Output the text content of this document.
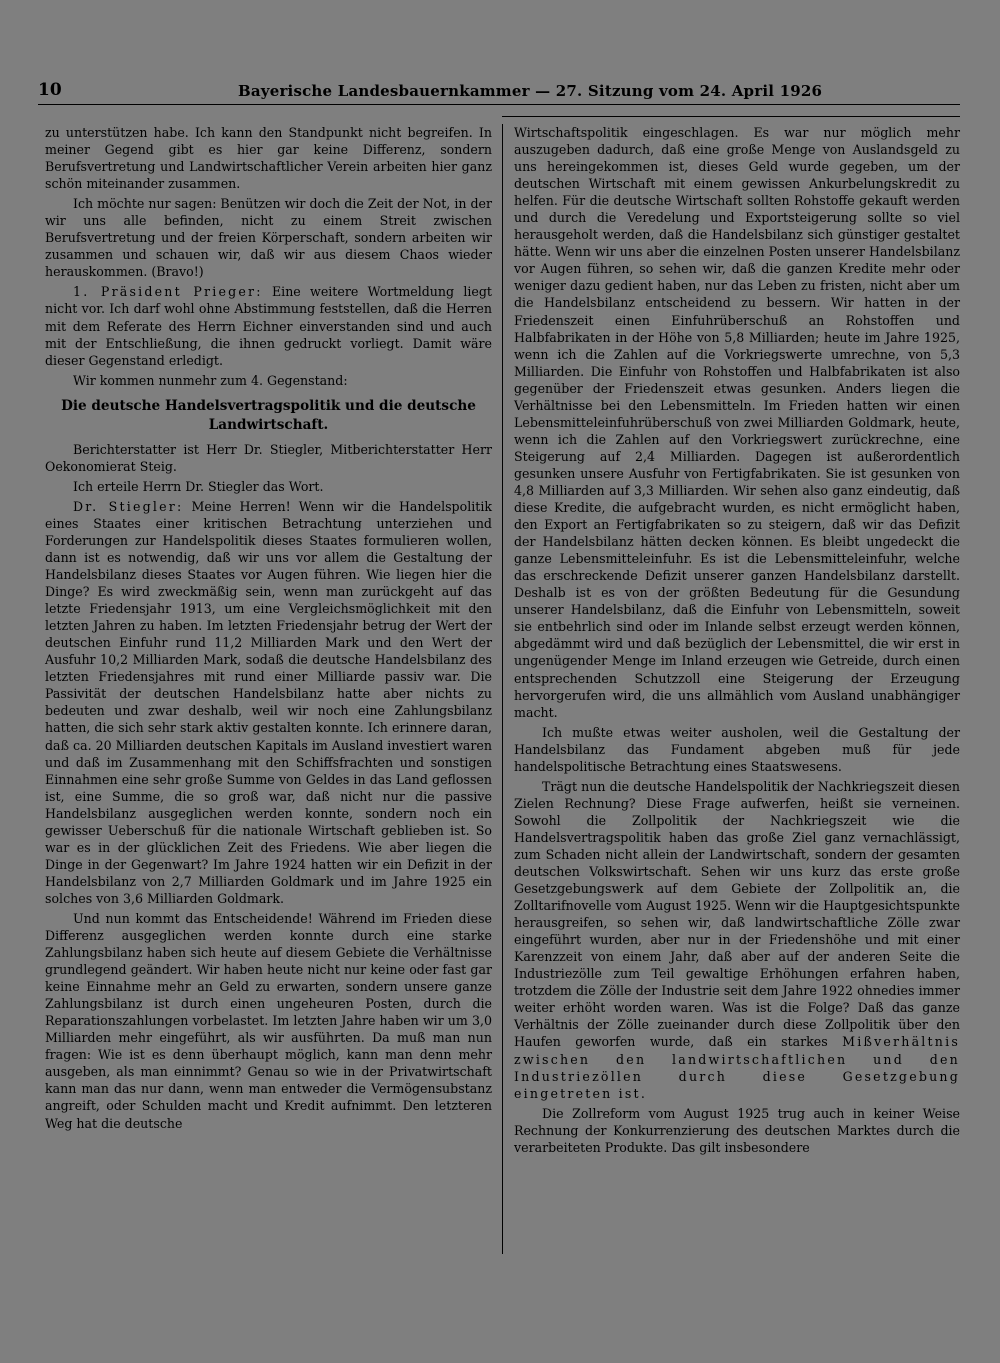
10	Bayerische Landesbauernkammer — 27. Sitzung vom 24. April 1926

zu unterstützen habe. Ich kann den Standpunkt nicht begreifen. In meiner Gegend gibt es hier gar keine Differenz, sondern Berufsvertretung und Landwirtschaftlicher Verein arbeiten hier ganz schön miteinander zusammen.

Ich möchte nur sagen: Benützen wir doch die Zeit der Not, in der wir uns alle befinden, nicht zu einem Streit zwischen Berufsvertretung und der freien Körperschaft, sondern arbeiten wir zusammen und schauen wir, daß wir aus diesem Chaos wieder herauskommen. (Bravo!)

1. Präsident Prieger: Eine weitere Wortmeldung liegt nicht vor. Ich darf wohl ohne Abstimmung feststellen, daß die Herren mit dem Referate des Herrn Eichner einverstanden sind und auch mit der Entschließung, die ihnen gedruckt vorliegt. Damit wäre dieser Gegenstand erledigt.

Wir kommen nunmehr zum 4. Gegenstand:

Die deutsche Handelsvertragspolitik und die deutsche Landwirtschaft.

Berichterstatter ist Herr Dr. Stiegler, Mitberichterstatter Herr Oekonomierat Steig.

Ich erteile Herrn Dr. Stiegler das Wort.

Dr. Stiegler: Meine Herren! Wenn wir die Handelspolitik eines Staates einer kritischen Betrachtung unterziehen und Forderungen zur Handelspolitik dieses Staates formulieren wollen, dann ist es notwendig, daß wir uns vor allem die Gestaltung der Handelsbilanz dieses Staates vor Augen führen. Wie liegen hier die Dinge? Es wird zweckmäßig sein, wenn man zurückgeht auf das letzte Friedensjahr 1913, um eine Vergleichsmöglichkeit mit den letzten Jahren zu haben. Im letzten Friedensjahr betrug der Wert der deutschen Einfuhr rund 11,2 Milliarden Mark und den Wert der Ausfuhr 10,2 Milliarden Mark, sodaß die deutsche Handelsbilanz des letzten Friedensjahres mit rund einer Milliarde passiv war. Die Passivität der deutschen Handelsbilanz hatte aber nichts zu bedeuten und zwar deshalb, weil wir noch eine Zahlungsbilanz hatten, die sich sehr stark aktiv gestalten konnte. Ich erinnere daran, daß ca. 20 Milliarden deutschen Kapitals im Ausland investiert waren und daß im Zusammenhang mit den Schiffsfrachten und sonstigen Einnahmen eine sehr große Summe von Geldes in das Land geflossen ist, eine Summe, die so groß war, daß nicht nur die passive Handelsbilanz ausgeglichen werden konnte, sondern noch ein gewisser Ueberschuß für die nationale Wirtschaft geblieben ist. So war es in der glücklichen Zeit des Friedens. Wie aber liegen die Dinge in der Gegenwart? Im Jahre 1924 hatten wir ein Defizit in der Handelsbilanz von 2,7 Milliarden Goldmark und im Jahre 1925 ein solches von 3,6 Milliarden Goldmark.

Und nun kommt das Entscheidende! Während im Frieden diese Differenz ausgeglichen werden konnte durch eine starke Zahlungsbilanz haben sich heute auf diesem Gebiete die Verhältnisse grundlegend geändert. Wir haben heute nicht nur keine oder fast gar keine Einnahme mehr an Geld zu erwarten, sondern unsere ganze Zahlungsbilanz ist durch einen ungeheuren Posten, durch die Reparationszahlungen vorbelastet. Im letzten Jahre haben wir um 3,0 Milliarden mehr eingeführt, als wir ausführten. Da muß man nun fragen: Wie ist es denn überhaupt möglich, kann man denn mehr ausgeben, als man einnimmt? Genau so wie in der Privatwirtschaft kann man das nur dann, wenn man entweder die Vermögensubstanz angreift, oder Schulden macht und Kredit aufnimmt. Den letzteren Weg hat die deutsche

Wirtschaftspolitik eingeschlagen. Es war nur möglich mehr auszugeben dadurch, daß eine große Menge von Auslandsgeld zu uns hereingekommen ist, dieses Geld wurde gegeben, um der deutschen Wirtschaft mit einem gewissen Ankurbelungskredit zu helfen. Für die deutsche Wirtschaft sollten Rohstoffe gekauft werden und durch die Veredelung und Exportsteigerung sollte so viel herausgeholt werden, daß die Handelsbilanz sich günstiger gestaltet hätte. Wenn wir uns aber die einzelnen Posten unserer Handelsbilanz vor Augen führen, so sehen wir, daß die ganzen Kredite mehr oder weniger dazu gedient haben, nur das Leben zu fristen, nicht aber um die Handelsbilanz entscheidend zu bessern. Wir hatten in der Friedenszeit einen Einfuhrüberschuß an Rohstoffen und Halbfabrikaten in der Höhe von 5,8 Milliarden; heute im Jahre 1925, wenn ich die Zahlen auf die Vorkriegswerte umrechne, von 5,3 Milliarden. Die Einfuhr von Rohstoffen und Halbfabrikaten ist also gegenüber der Friedenszeit etwas gesunken. Anders liegen die Verhältnisse bei den Lebensmitteln. Im Frieden hatten wir einen Lebensmitteleinfuhrüberschuß von zwei Milliarden Goldmark, heute, wenn ich die Zahlen auf den Vorkriegswert zurückrechne, eine Steigerung auf 2,4 Milliarden. Dagegen ist außerordentlich gesunken unsere Ausfuhr von Fertigfabrikaten. Sie ist gesunken von 4,8 Milliarden auf 3,3 Milliarden. Wir sehen also ganz eindeutig, daß diese Kredite, die aufgebracht wurden, es nicht ermöglicht haben, den Export an Fertigfabrikaten so zu steigern, daß wir das Defizit der Handelsbilanz hätten decken können. Es bleibt ungedeckt die ganze Lebensmitteleinfuhr. Es ist die Lebensmitteleinfuhr, welche das erschreckende Defizit unserer ganzen Handelsbilanz darstellt. Deshalb ist es von der größten Bedeutung für die Gesundung unserer Handelsbilanz, daß die Einfuhr von Lebensmitteln, soweit sie entbehrlich sind oder im Inlande selbst erzeugt werden können, abgedämmt wird und daß bezüglich der Lebensmittel, die wir erst in ungenügender Menge im Inland erzeugen wie Getreide, durch einen entsprechenden Schutzzoll eine Steigerung der Erzeugung hervorgerufen wird, die uns allmählich vom Ausland unabhängiger macht.

Ich mußte etwas weiter ausholen, weil die Gestaltung der Handelsbilanz das Fundament abgeben muß für jede handelspolitische Betrachtung eines Staatswesens.

Trägt nun die deutsche Handelspolitik der Nachkriegszeit diesen Zielen Rechnung? Diese Frage aufwerfen, heißt sie verneinen. Sowohl die Zollpolitik der Nachkriegszeit wie die Handelsvertragspolitik haben das große Ziel ganz vernachlässigt, zum Schaden nicht allein der Landwirtschaft, sondern der gesamten deutschen Volkswirtschaft. Sehen wir uns kurz das erste große Gesetzgebungswerk auf dem Gebiete der Zollpolitik an, die Zolltarifnovelle vom August 1925. Wenn wir die Hauptgesichtspunkte herausgreifen, so sehen wir, daß landwirtschaftliche Zölle zwar eingeführt wurden, aber nur in der Friedenshöhe und mit einer Karenzzeit von einem Jahr, daß aber auf der anderen Seite die Industriezölle zum Teil gewaltige Erhöhungen erfahren haben, trotzdem die Zölle der Industrie seit dem Jahre 1922 ohnedies immer weiter erhöht worden waren. Was ist die Folge? Daß das ganze Verhältnis der Zölle zueinander durch diese Zollpolitik über den Haufen geworfen wurde, daß ein starkes Mißverhältnis zwischen den landwirtschaftlichen und den Industriezöllen durch diese Gesetzgebung eingetreten ist.

Die Zollreform vom August 1925 trug auch in keiner Weise Rechnung der Konkurrenzierung des deutschen Marktes durch die verarbeiteten Produkte. Das gilt insbesondere
